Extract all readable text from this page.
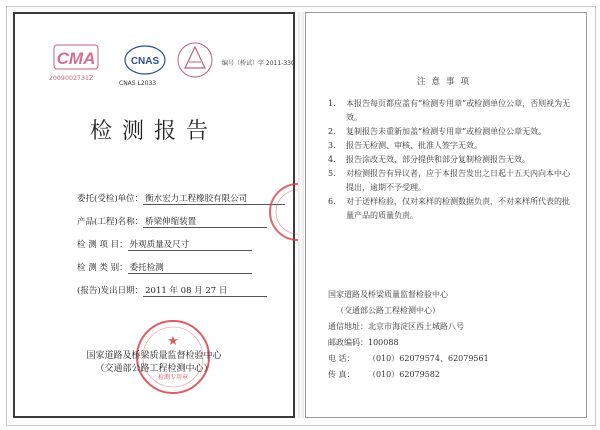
CMA
2009002731Z
CNAS
CNAS L2033
编号（桥试）字 2011-330
检测报告
委托(受检)单位： 衡水宏力工程橡胶有限公司
产品(工程)名称： 桥梁伸缩装置
检 测 项 目： 外观质量及尺寸
检 测 类 别： 委托检测
(报告)发出日期： 2011 年 08 月 27 日
★
检测专用章
国家道路及桥梁质量监督检验中心
（交通部公路工程检测中心）
注意事项
1.	本报告每页都应盖有“检测专用章”或检测单位公章，否则视为无效。
2.	复制报告未重新加盖“检测专用章”或检测单位公章无效。
3.	报告无检测、审核、批准人签字无效。
4.	报告涂改无效，部分提供和部分复制检测报告无效。
5.	对检测报告有异议者，应于本报告发出之日起十五天内向本中心提出，逾期不予受理。
6.	对于送样检验，仅对来样的检测数据负责，不对来样所代表的批量产品的质量负责。
国家道路及桥梁质量监督检验中心
（交通部公路工程检测中心）
通信地址：北京市海淀区西土城路八号
邮政编码：100088
电 话： （010）62079574、62079561
传 真： （010）62079582
